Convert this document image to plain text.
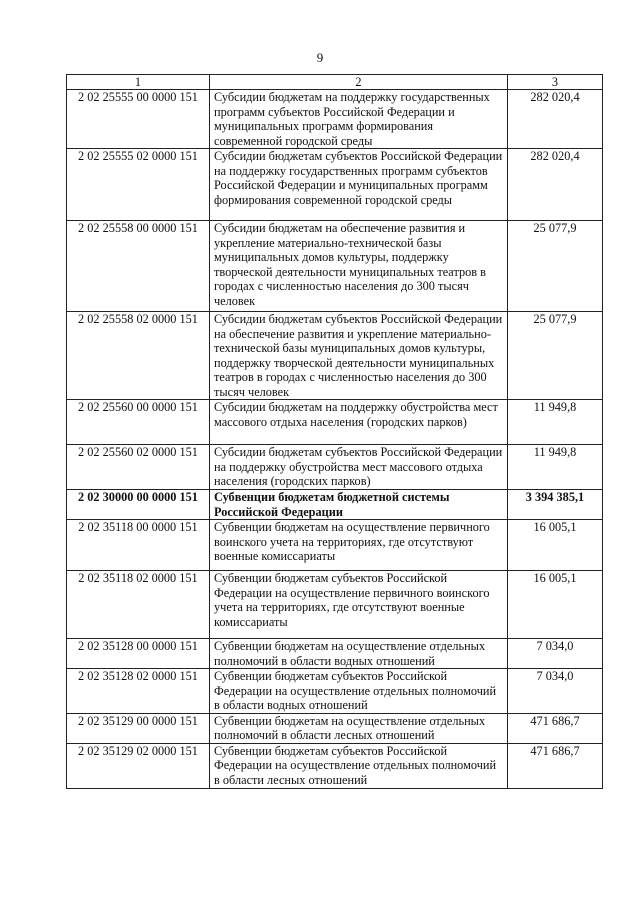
9
1	2	3
2 02 25555 00 0000 151	Субсидии бюджетам на поддержку государственных программ субъектов Российской Федерации и муниципальных программ формирования современной городской среды	282 020,4
2 02 25555 02 0000 151	Субсидии бюджетам субъектов Российской Федерации на поддержку государственных программ субъектов Российской Федерации и муниципальных программ формирования современной городской среды	282 020,4
2 02 25558 00 0000 151	Субсидии бюджетам на обеспечение развития и укрепление материально-технической базы муниципальных домов культуры, поддержку творческой деятельности муниципальных театров в городах с численностью населения до 300 тысяч человек	25 077,9
2 02 25558 02 0000 151	Субсидии бюджетам субъектов Российской Федерации на обеспечение развития и укрепление материально-технической базы муниципальных домов культуры, поддержку творческой деятельности муниципальных театров в городах с численностью населения до 300 тысяч человек	25 077,9
2 02 25560 00 0000 151	Субсидии бюджетам на поддержку обустройства мест массового отдыха населения (городских парков)	11 949,8
2 02 25560 02 0000 151	Субсидии бюджетам субъектов Российской Федерации на поддержку обустройства мест массового отдыха населения (городских парков)	11 949,8
2 02 30000 00 0000 151	Субвенции бюджетам бюджетной системы Российской Федерации	3 394 385,1
2 02 35118 00 0000 151	Субвенции бюджетам на осуществление первичного воинского учета на территориях, где отсутствуют военные комиссариаты	16 005,1
2 02 35118 02 0000 151	Субвенции бюджетам субъектов Российской Федерации на осуществление первичного воинского учета на территориях, где отсутствуют военные комиссариаты	16 005,1
2 02 35128 00 0000 151	Субвенции бюджетам на осуществление отдельных полномочий в области водных отношений	7 034,0
2 02 35128 02 0000 151	Субвенции бюджетам субъектов Российской Федерации на осуществление отдельных полномочий в области водных отношений	7 034,0
2 02 35129 00 0000 151	Субвенции бюджетам на осуществление отдельных полномочий в области лесных отношений	471 686,7
2 02 35129 02 0000 151	Субвенции бюджетам субъектов Российской Федерации на осуществление отдельных полномочий в области лесных отношений	471 686,7
